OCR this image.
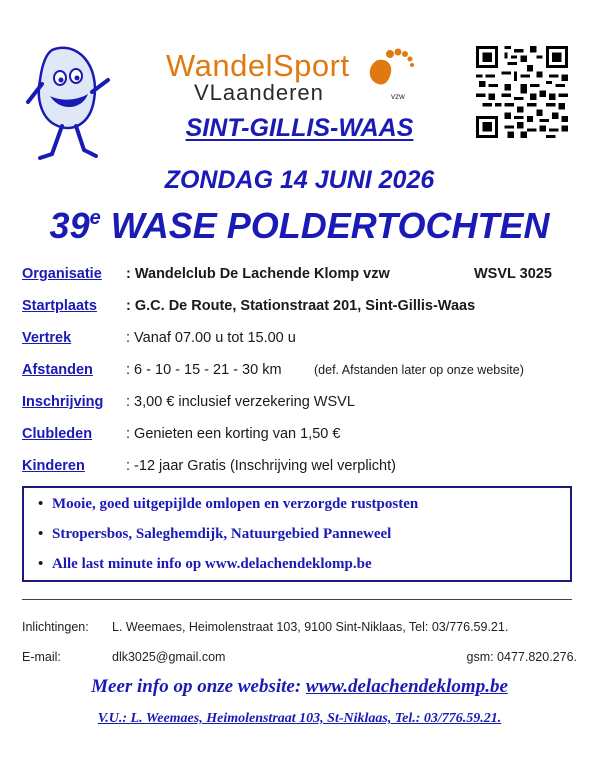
WandelSport
VLaanderen	vzw
SINT-GILLIS-WAAS
ZONDAG 14 JUNI 2026
39e WASE POLDERTOCHTEN
Organisatie : Wandelclub De Lachende Klomp vzw	WSVL 3025
Startplaats : G.C. De Route, Stationstraat 201, Sint-Gillis-Waas
Vertrek	: Vanaf 07.00 u tot 15.00 u
Afstanden : 6 - 10 - 15 - 21 - 30 km	(def. Afstanden later op onze website)
Inschrijving : 3,00 € inclusief verzekering WSVL
Clubleden : Genieten een korting van 1,50 €
Kinderen	: -12 jaar Gratis (Inschrijving wel verplicht)
• Mooie, goed uitgepijlde omlopen en verzorgde rustposten
• Stropersbos, Saleghemdijk, Natuurgebied Panneweel
• Alle last minute info op www.delachendeklomp.be
Inlichtingen: L. Weemaes, Heimolenstraat 103, 9100 Sint-Niklaas, Tel: 03/776.59.21.
E-mail:	dlk3025@gmail.com	gsm: 0477.820.276.
Meer info op onze website: www.delachendeklomp.be
V.U.: L. Weemaes, Heimolenstraat 103, St-Niklaas, Tel.: 03/776.59.21.
